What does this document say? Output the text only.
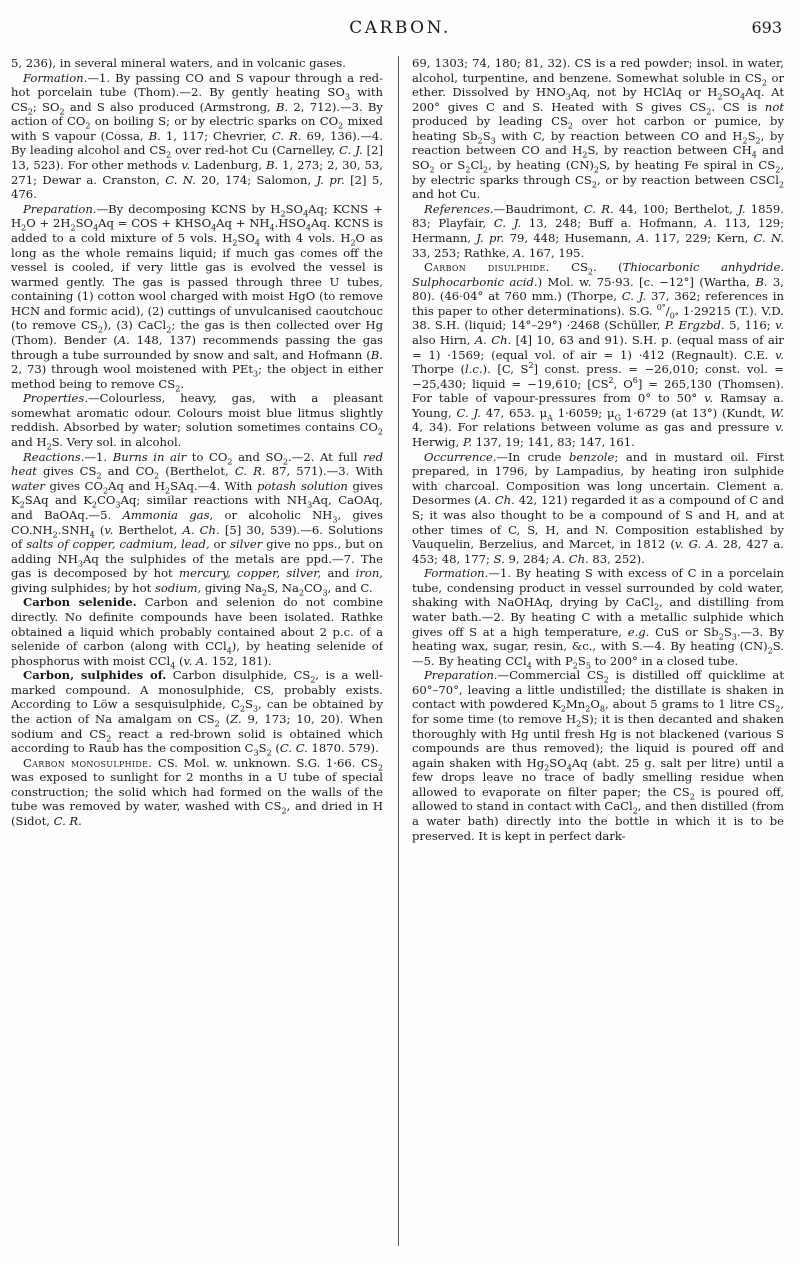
CARBON.	693

5, 236), in several mineral waters, and in volcanic gases.

Formation.—1. By passing CO and S vapour through a red-hot porcelain tube (Thom).—2. By gently heating $SO_3$ with $CS_2$; $SO_2$ and S also produced (Armstrong, B. 2, 712).—3. By action of $CO_2$ on boiling S; or by electric sparks on $CO_2$ mixed with S vapour (Cossa, B. 1, 117; Chevrier, C. R. 69, 136).—4. By leading alcohol and $CS_2$ over red-hot Cu (Carnelley, C. J. [2] 13, 523). For other methods v. Ladenburg, B. 1, 273; 2, 30, 53, 271; Dewar a. Cranston, C. N. 20, 174; Salomon, J. pr. [2] 5, 476.

Preparation.—By decomposing KCNS by $H_2SO_4Aq$; KCNS + $H_2O + 2H_2SO_4Aq$ = COS + $KHSO_4Aq + NH_4.HSO_4Aq$. KCNS is added to a cold mixture of 5 vols. $H_2SO_4$ with 4 vols. $H_2O$ as long as the whole remains liquid; if much gas comes off the vessel is cooled, if very little gas is evolved the vessel is warmed gently. The gas is passed through three U tubes, containing (1) cotton wool charged with moist HgO (to remove HCN and formic acid), (2) cuttings of unvulcanised caoutchouc (to remove $CS_2$), (3) CaCl$_2$; the gas is then collected over Hg (Thom). Bender (A. 148, 137) recommends passing the gas through a tube surrounded by snow and salt, and Hofmann (B. 2, 73) through wool moistened with PEt$_3$; the object in either method being to remove $CS_2$.

Properties.—Colourless, heavy, gas, with a pleasant somewhat aromatic odour. Colours moist blue litmus slightly reddish. Absorbed by water; solution sometimes contains $CO_2$ and $H_2S$. Very sol. in alcohol.

Reactions.—1. Burns in air to $CO_2$ and $SO_2.—2$. At full red heat gives $CS_2$ and $CO_2$ (Berthelot, C. R. 87, 571).—3. With water gives $CO_2Aq$ and $H_2SAq.—4$. With potash solution gives $K_2SAq$ and $K_2CO_3Aq$; similar reactions with $NH_3Aq$, CaOAq, and BaOAq.—5. Ammonia gas, or alcoholic $NH_3$, gives $CO.NH_2.SNH_4$ (v. Berthelot, A. Ch. [5] 30, 539).—6. Solutions of salts of copper, cadmium, lead, or silver give no pps., but on adding $NH_3Aq$ the sulphides of the metals are ppd.—7. The gas is decomposed by hot mercury, copper, silver, and iron, giving sulphides; by hot sodium, giving $Na_2S$, $Na_2CO_3$, and C.

Carbon selenide. Carbon and selenion do not combine directly. No definite compounds have been isolated. Rathke obtained a liquid which probably contained about 2 p.c. of a selenide of carbon (along with CCl$_4$), by heating selenide of phosphorus with moist CCl$_4$ (v. A. 152, 181).

Carbon, sulphides of. Carbon disulphide, $CS_2$, is a well-marked compound. A monosulphide, CS, probably exists. According to Löw a sesquisulphide, $C_2S_3$, can be obtained by the action of Na amalgam on $CS_2$ (Z. 9, 173; 10, 20). When sodium and $CS_2$ react a red-brown solid is obtained which according to Raub has the composition $C_3S_2$ (C. C. 1870. 579).

Carbon monosulphide. CS. Mol. w. unknown. S.G. 1·66. $CS_2$ was exposed to sunlight for 2 months in a U tube of special construction; the solid which had formed on the walls of the tube was removed by water, washed with $CS_2$, and dried in H (Sidot, C. R.

69, 1303; 74, 180; 81, 32). CS is a red powder; insol. in water, alcohol, turpentine, and benzene. Somewhat soluble in $CS_2$ or ether. Dissolved by $HNO_3Aq$, not by HClAq or $H_2SO_4Aq$. At 200° gives C and S. Heated with S gives $CS_2$. CS is not produced by leading $CS_2$ over hot carbon or pumice, by heating $Sb_2S_3$ with C, by reaction between CO and $H_2S_2$, by reaction between CO and $H_2S$, by reaction between $CH_4$ and $SO_2$ or $S_2Cl_2$, by heating $(CN)_2S$, by heating Fe spiral in $CS_2$, by electric sparks through $CS_2$, or by reaction between CSCl$_2$ and hot Cu.

References.—Baudrimont, C. R. 44, 100; Berthelot, J. 1859. 83; Playfair, C. J. 13, 248; Buff a. Hofmann, A. 113, 129; Hermann, J. pr. 79, 448; Husemann, A. 117, 229; Kern, C. N. 33, 253; Rathke, A. 167, 195.

Carbon disulphide. $CS_2$. (Thiocarbonic anhydride. Sulphocarbonic acid.) Mol. w. 75·93. [c. −12°] (Wartha, B. 3, 80). (46·04° at 760 mm.) (Thorpe, C. J. 37, 362; references in this paper to other determinations). S.G. $^{0^\circ}/_{0^\circ}$ 1·29215 (T.). V.D. 38. S.H. (liquid; 14°–29°) ·2468 (Schüller, P. Ergzbd. 5, 116; v. also Hirn, A. Ch. [4] 10, 63 and 91). S.H. p. (equal mass of air = 1) ·1569; (equal vol. of air = 1) ·412 (Regnault). C.E. v. Thorpe (l.c.). [C, $S^2$] const. press. = −26,010; const. vol. = −25,430; liquid = −19,610; [$CS^2$, $O^6] = 265,130$ (Thomsen). For table of vapour-pressures from 0° to 50° v. Ramsay a. Young, C. J. 47, 653. $\mu_A$ 1·6059; $\mu_G$ 1·6729 (at 13°) (Kundt, W. 4, 34). For relations between volume as gas and pressure v. Herwig, P. 137, 19; 141, 83; 147, 161.

Occurrence.—In crude benzole; and in mustard oil. First prepared, in 1796, by Lampadius, by heating iron sulphide with charcoal. Composition was long uncertain. Clement a. Desormes (A. Ch. 42, 121) regarded it as a compound of C and S; it was also thought to be a compound of S and H, and at other times of C, S, H, and N. Composition established by Vauquelin, Berzelius, and Marcet, in 1812 (v. G. A. 28, 427 a. 453; 48, 177; S. 9, 284; A. Ch. 83, 252).

Formation.—1. By heating S with excess of C in a porcelain tube, condensing product in vessel surrounded by cold water, shaking with NaOHAq, drying by CaCl$_2$, and distilling from water bath.—2. By heating C with a metallic sulphide which gives off S at a high temperature, e.g. CuS or $Sb_2S_3.—3$. By heating wax, sugar, resin, &c., with S.—4. By heating $(CN)_2S.—5$. By heating CCl$_4$ with $P_2S_5$ to 200° in a closed tube.

Preparation.—Commercial $CS_2$ is distilled off quicklime at 60°–70°, leaving a little undistilled; the distillate is shaken in contact with powdered $K_2Mn_2O_8$, about 5 grams to 1 litre $CS_2$, for some time (to remove $H_2S$); it is then decanted and shaken thoroughly with Hg until fresh Hg is not blackened (various S compounds are thus removed); the liquid is poured off and again shaken with $Hg_2SO_4Aq$ (abt. 25 g. salt per litre) until a few drops leave no trace of badly smelling residue when allowed to evaporate on filter paper; the $CS_2$ is poured off, allowed to stand in contact with CaCl$_2$, and then distilled (from a water bath) directly into the bottle in which it is to be preserved. It is kept in perfect dark-
